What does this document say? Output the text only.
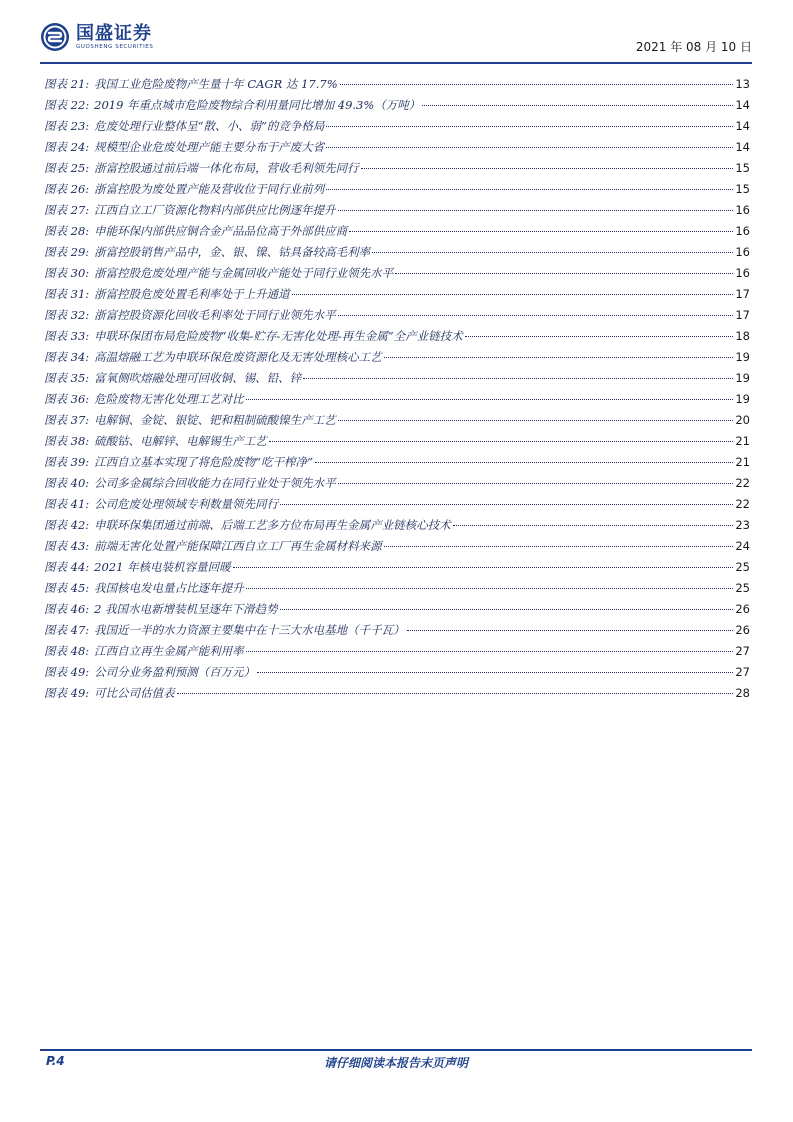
国盛证券
GUOSHENG SECURITIES	2021 年 08 月 10 日
图表 21: 我国工业危险废物产生量十年 CAGR 达 17.7%	13
图表 22: 2019 年重点城市危险废物综合利用量同比增加 49.3%（万吨）	14
图表 23: 危废处理行业整体呈“散、小、弱”的竞争格局	14
图表 24: 规模型企业危废处理产能主要分布于产废大省	14
图表 25: 浙富控股通过前后端一体化布局，营收毛利领先同行	15
图表 26: 浙富控股为废处置产能及营收位于同行业前列	15
图表 27: 江西自立工厂资源化物料内部供应比例逐年提升	16
图表 28: 申能环保内部供应铜合金产品品位高于外部供应商	16
图表 29: 浙富控股销售产品中，金、银、镍、钴具备较高毛利率	16
图表 30: 浙富控股危废处理产能与金属回收产能处于同行业领先水平	16
图表 31: 浙富控股危废处置毛利率处于上升通道	17
图表 32: 浙富控股资源化回收毛利率处于同行业领先水平	17
图表 33: 申联环保团布局危险废物“收集-贮存-无害化处理-再生金属”全产业链技术	18
图表 34: 高温熔融工艺为申联环保危废资源化及无害处理核心工艺	19
图表 35: 富氧侧吹熔融处理可回收铜、锡、铅、锌	19
图表 36: 危险废物无害化处理工艺对比	19
图表 37: 电解铜、金锭、银锭、钯和粗制硫酸镍生产工艺	20
图表 38: 硫酸钴、电解锌、电解锡生产工艺	21
图表 39: 江西自立基本实现了将危险废物“吃干榨净”	21
图表 40: 公司多金属综合回收能力在同行业处于领先水平	22
图表 41: 公司危废处理领域专利数量领先同行	22
图表 42: 申联环保集团通过前端、后端工艺多方位布局再生金属产业链核心技术	23
图表 43: 前端无害化处置产能保障江西自立工厂再生金属材料来源	24
图表 44: 2021 年核电装机容量回暖	25
图表 45: 我国核电发电量占比逐年提升	25
图表 46: 2 我国水电新增装机呈逐年下滑趋势	26
图表 47: 我国近一半的水力资源主要集中在十三大水电基地（千千瓦）	26
图表 48: 江西自立再生金属产能利用率	27
图表 49: 公司分业务盈利预测（百万元）	27
图表 49: 可比公司估值表	28
P.4	请仔细阅读本报告末页声明
